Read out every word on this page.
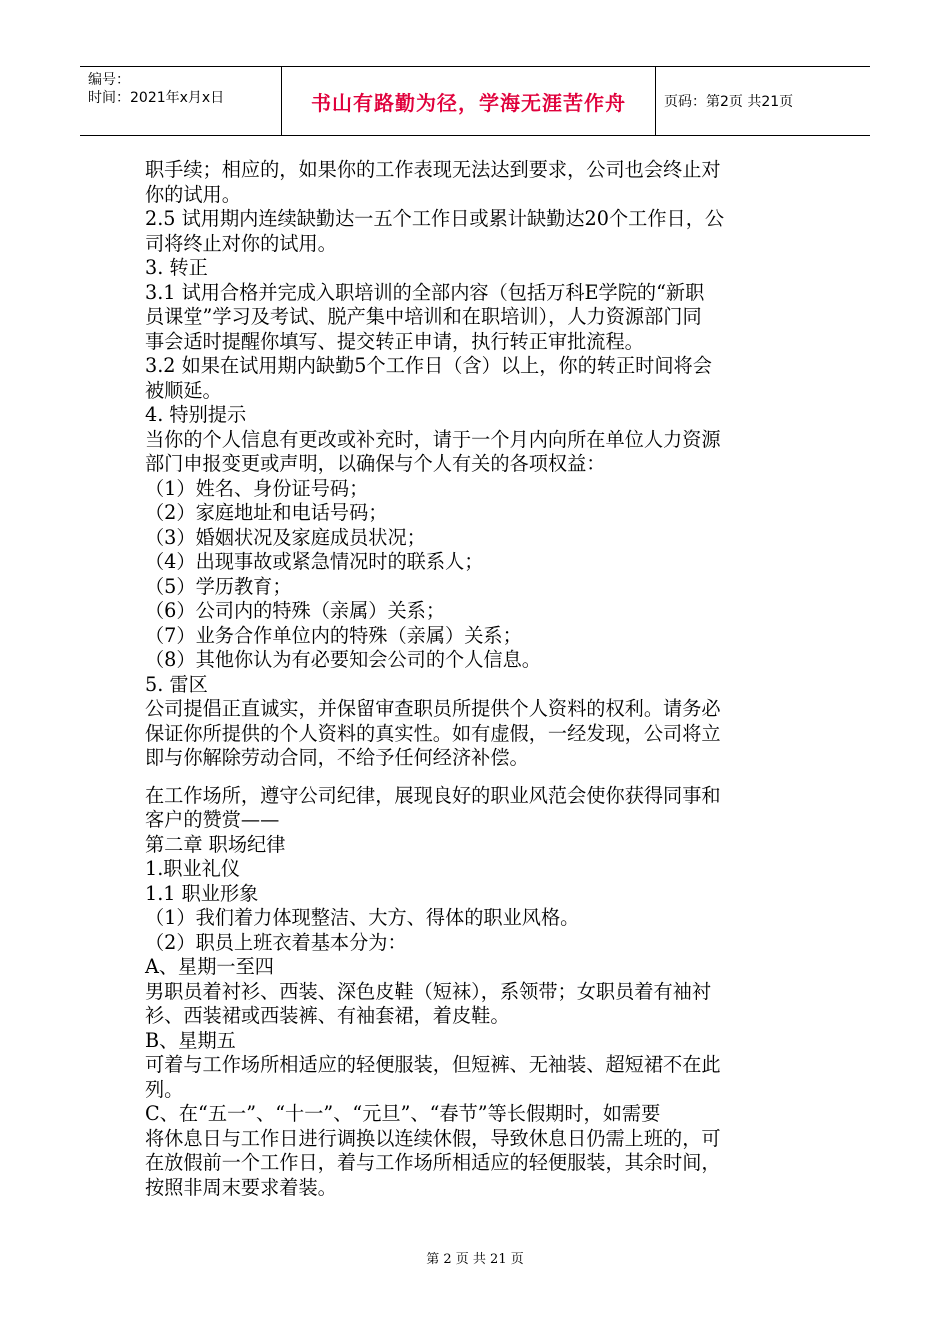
编号：
时间：2021年x月x日	书山有路勤为径，学海无涯苦作舟	页码：第2页 共21页

职手续；相应的，如果你的工作表现无法达到要求，公司也会终止对

你的试用。

2.5 试用期内连续缺勤达一五个工作日或累计缺勤达20个工作日，公

司将终止对你的试用。

3. 转正

3.1 试用合格并完成入职培训的全部内容（包括万科E学院的“新职

员课堂”学习及考试、脱产集中培训和在职培训），人力资源部门同

事会适时提醒你填写、提交转正申请，执行转正审批流程。

3.2 如果在试用期内缺勤5个工作日（含）以上，你的转正时间将会

被顺延。

4. 特别提示

当你的个人信息有更改或补充时，请于一个月内向所在单位人力资源

部门申报变更或声明，以确保与个人有关的各项权益：

（1）姓名、身份证号码；

（2）家庭地址和电话号码；

（3）婚姻状况及家庭成员状况；

（4）出现事故或紧急情况时的联系人；

（5）学历教育；

（6）公司内的特殊（亲属）关系；

（7）业务合作单位内的特殊（亲属）关系；

（8）其他你认为有必要知会公司的个人信息。

5. 雷区

公司提倡正直诚实，并保留审查职员所提供个人资料的权利。请务必

保证你所提供的个人资料的真实性。如有虚假，一经发现，公司将立

即与你解除劳动合同，不给予任何经济补偿。

在工作场所，遵守公司纪律，展现良好的职业风范会使你获得同事和

客户的赞赏——

第二章 职场纪律

1.职业礼仪

1.1 职业形象

（1）我们着力体现整洁、大方、得体的职业风格。

（2）职员上班衣着基本分为：

A、星期一至四

男职员着衬衫、西装、深色皮鞋（短袜），系领带；女职员着有袖衬

衫、西装裙或西装裤、有袖套裙，着皮鞋。

B、星期五

可着与工作场所相适应的轻便服装，但短裤、无袖装、超短裙不在此

列。

C、在“五一”、“十一”、“元旦”、“春节”等长假期时，如需要

将休息日与工作日进行调换以连续休假，导致休息日仍需上班的，可

在放假前一个工作日，着与工作场所相适应的轻便服装，其余时间，

按照非周末要求着装。

第 2 页 共 21 页
